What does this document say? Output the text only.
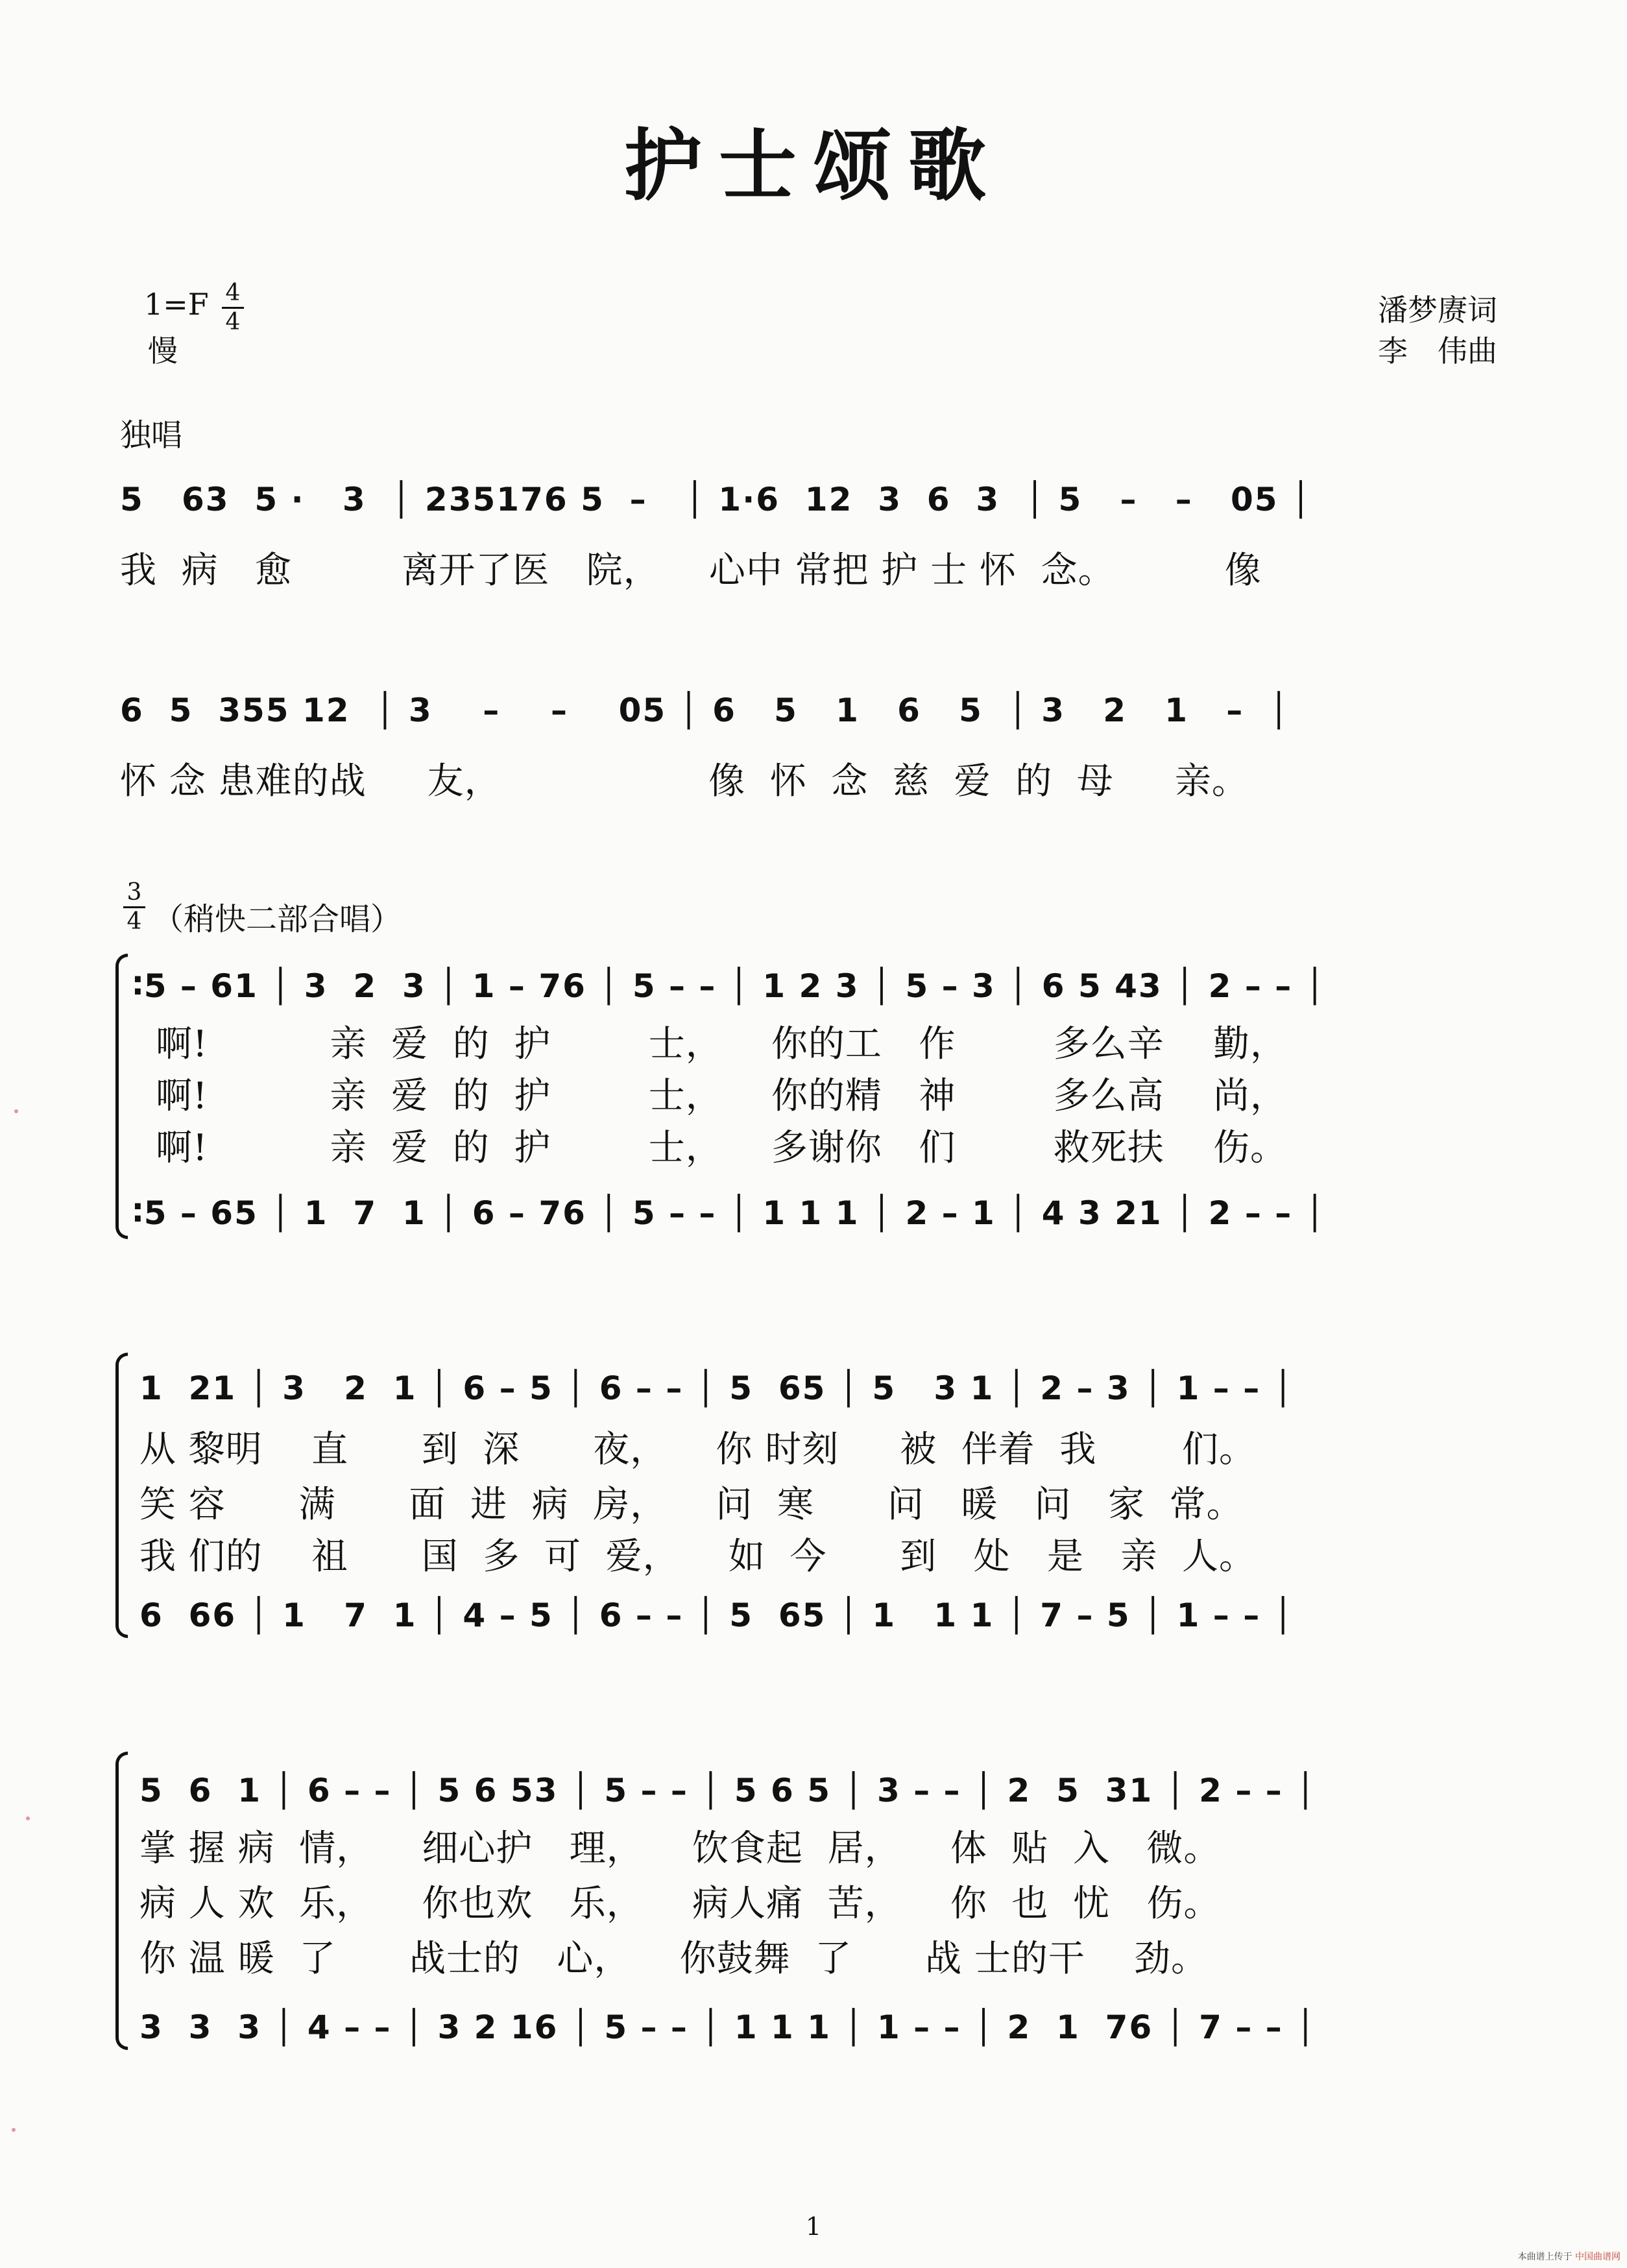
护士颂歌
1=F 4
4
慢
潘梦赓词
李　伟曲
独唱
5   63  5 ·   3  │ 235176 5  –   │ 1·6  12  3  6  3  │ 5   –   –   05 │
我  病   愈         离开了医   院，    心中 常把 护 士 怀  念。         像
6  5  355 12  │ 3    –    –    05 │ 6   5   1   6   5  │ 3   2   1   –  │
怀 念 患难的战     友，                 像  怀  念  慈  爱  的  母     亲。
3
4 （稍快二部合唱）
∶5 – 61 │ 3  2  3 │ 1 – 76 │ 5 – – │ 1 2 3 │ 5 – 3 │ 6 5 43 │ 2 – – │
啊!          亲  爱  的  护        士，    你的工   作        多么辛    勤，
啊!          亲  爱  的  护        士，    你的精   神        多么高    尚，
啊!          亲  爱  的  护        士，    多谢你   们        救死扶    伤。
∶5 – 65 │ 1  7  1 │ 6 – 76 │ 5 – – │ 1 1 1 │ 2 – 1 │ 4 3 21 │ 2 – – │
1  21 │ 3   2  1 │ 6 – 5 │ 6 – – │ 5  65 │ 5   3 1 │ 2 – 3 │ 1 – – │
从 黎明    直      到  深      夜，    你 时刻     被  伴着  我       们。
笑 容      满      面  进  病  房，    问  寒      问   暖   问   家  常。
我 们的    祖      国  多  可  爱，    如  今      到   处   是   亲  人。
6  66 │ 1   7  1 │ 4 – 5 │ 6 – – │ 5  65 │ 1   1 1 │ 7 – 5 │ 1 – – │
5  6  1 │ 6 – – │ 5 6 53 │ 5 – – │ 5 6 5 │ 3 – – │ 2  5  31 │ 2 – – │
掌 握 病  情，    细心护   理，    饮食起  居，    体  贴  入   微。
病 人 欢  乐，    你也欢   乐，    病人痛  苦，    你  也  忧   伤。
你 温 暖  了      战士的   心，    你鼓舞  了      战 士的干    劲。
3  3  3 │ 4 – – │ 3 2 16 │ 5 – – │ 1 1 1 │ 1 – – │ 2  1  76 │ 7 – – │
1
本曲谱上传于 中国曲谱网
